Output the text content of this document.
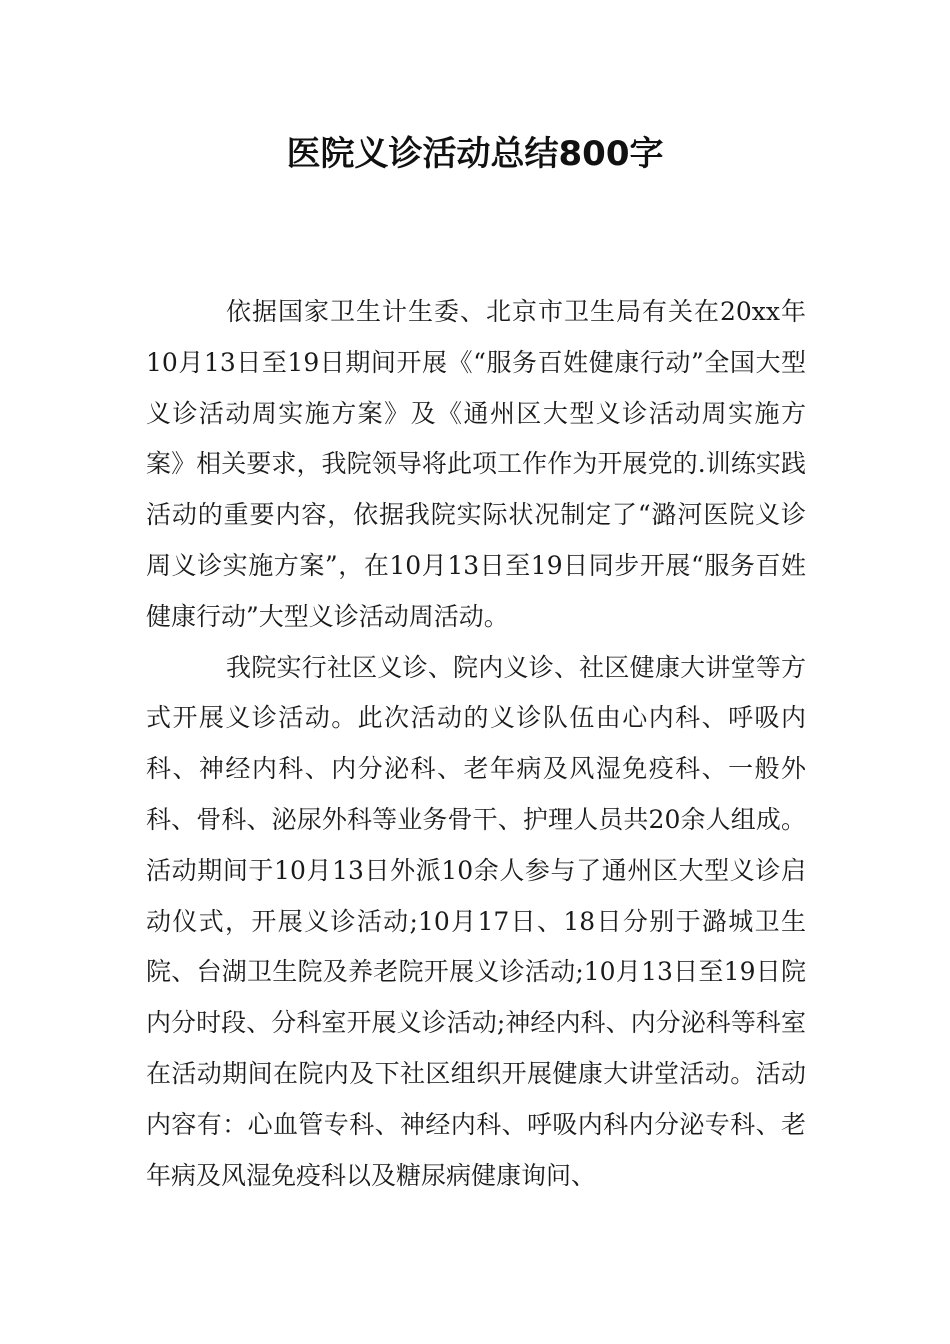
医院义诊活动总结800字

依据国家卫生计生委、北京市卫生局有关在20xx年10月13日至19日期间开展《“服务百姓健康行动”全国大型义诊活动周实施方案》及《通州区大型义诊活动周实施方案》相关要求，我院领导将此项工作作为开展党的.训练实践活动的重要内容，依据我院实际状况制定了“潞河医院义诊周义诊实施方案”，在10月13日至19日同步开展“服务百姓健康行动”大型义诊活动周活动。

我院实行社区义诊、院内义诊、社区健康大讲堂等方式开展义诊活动。此次活动的义诊队伍由心内科、呼吸内科、神经内科、内分泌科、老年病及风湿免疫科、一般外科、骨科、泌尿外科等业务骨干、护理人员共20余人组成。活动期间于10月13日外派10余人参与了通州区大型义诊启动仪式，开展义诊活动;10月17日、18日分别于潞城卫生院、台湖卫生院及养老院开展义诊活动;10月13日至19日院内分时段、分科室开展义诊活动;神经内科、内分泌科等科室在活动期间在院内及下社区组织开展健康大讲堂活动。活动内容有：心血管专科、神经内科、呼吸内科内分泌专科、老年病及风湿免疫科以及糖尿病健康询问、
